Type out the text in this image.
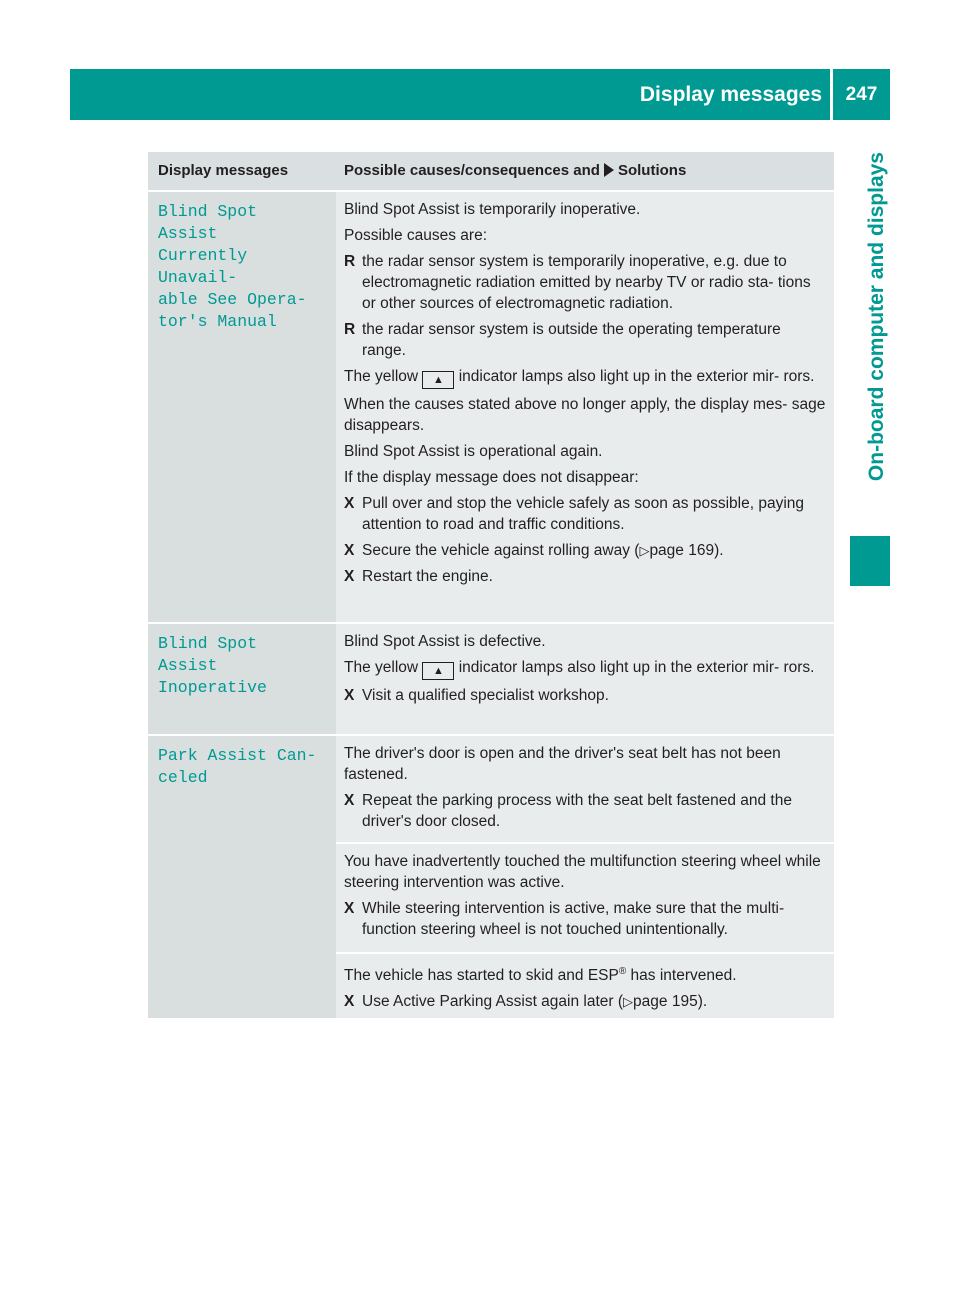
Display messages	247
On-board computer and displays
Display messages	Possible causes/consequences and Solutions
Blind Spot Assist
Currently Unavail‐
able See Opera‐
tor's Manual
Blind Spot Assist is temporarily inoperative.
Possible causes are:
R the radar sensor system is temporarily inoperative, e.g. due to electromagnetic radiation emitted by nearby TV or radio sta‐ tions or other sources of electromagnetic radiation.
R the radar sensor system is outside the operating temperature range.
The yellow ▲ indicator lamps also light up in the exterior mir‐ rors.
When the causes stated above no longer apply, the display mes‐ sage disappears.
Blind Spot Assist is operational again.
If the display message does not disappear:
X Pull over and stop the vehicle safely as soon as possible, paying attention to road and traffic conditions.
X Secure the vehicle against rolling away (▷page 169).
X Restart the engine.
Blind Spot Assist
Inoperative
Blind Spot Assist is defective.
The yellow ▲ indicator lamps also light up in the exterior mir‐ rors.
X Visit a qualified specialist workshop.
Park Assist Can‐
celed
The driver's door is open and the driver's seat belt has not been fastened.
X Repeat the parking process with the seat belt fastened and the driver's door closed.
You have inadvertently touched the multifunction steering wheel while steering intervention was active.
X While steering intervention is active, make sure that the multi‐ function steering wheel is not touched unintentionally.
The vehicle has started to skid and ESP® has intervened.
X Use Active Parking Assist again later (▷page 195).
